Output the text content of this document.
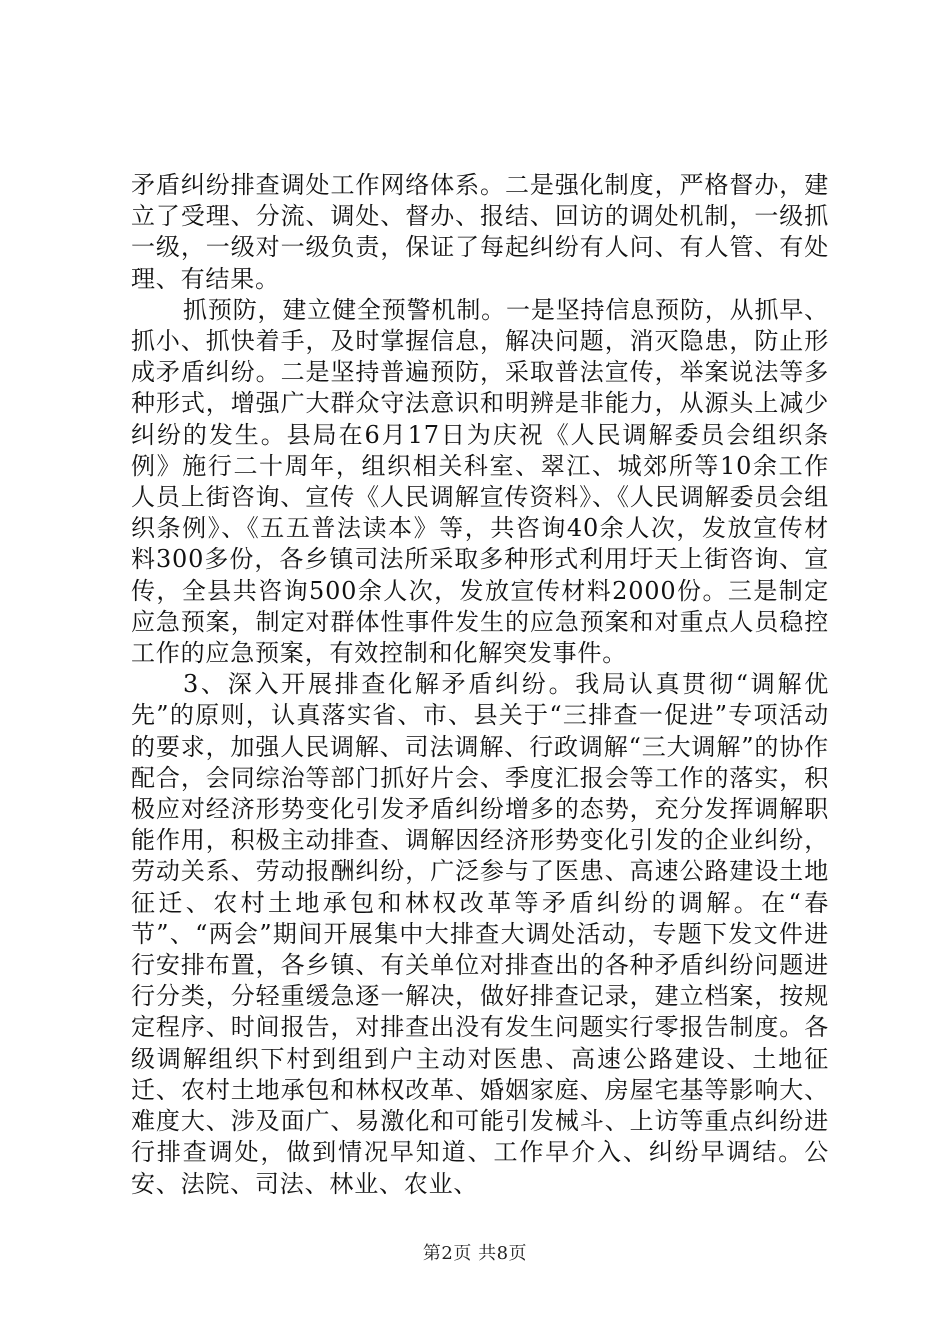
矛盾纠纷排查调处工作网络体系。二是强化制度，严格督办，建立了受理、分流、调处、督办、报结、回访的调处机制，一级抓一级，一级对一级负责，保证了每起纠纷有人问、有人管、有处理、有结果。

抓预防，建立健全预警机制。一是坚持信息预防，从抓早、抓小、抓快着手，及时掌握信息，解决问题，消灭隐患，防止形成矛盾纠纷。二是坚持普遍预防，采取普法宣传，举案说法等多种形式，增强广大群众守法意识和明辨是非能力，从源头上减少纠纷的发生。县局在6月17日为庆祝《人民调解委员会组织条例》施行二十周年，组织相关科室、翠江、城郊所等10余工作人员上街咨询、宣传《人民调解宣传资料》、《人民调解委员会组织条例》、《五五普法读本》等，共咨询40余人次，发放宣传材料300多份，各乡镇司法所采取多种形式利用圩天上街咨询、宣传，全县共咨询500余人次，发放宣传材料2000份。三是制定应急预案，制定对群体性事件发生的应急预案和对重点人员稳控工作的应急预案，有效控制和化解突发事件。

3、深入开展排查化解矛盾纠纷。我局认真贯彻“调解优先”的原则，认真落实省、市、县关于“三排查一促进”专项活动的要求，加强人民调解、司法调解、行政调解“三大调解”的协作配合，会同综治等部门抓好片会、季度汇报会等工作的落实，积极应对经济形势变化引发矛盾纠纷增多的态势，充分发挥调解职能作用，积极主动排查、调解因经济形势变化引发的企业纠纷，劳动关系、劳动报酬纠纷，广泛参与了医患、高速公路建设土地征迁、农村土地承包和林权改革等矛盾纠纷的调解。在“春节”、“两会”期间开展集中大排查大调处活动，专题下发文件进行安排布置，各乡镇、有关单位对排查出的各种矛盾纠纷问题进行分类，分轻重缓急逐一解决，做好排查记录，建立档案，按规定程序、时间报告，对排查出没有发生问题实行零报告制度。各级调解组织下村到组到户主动对医患、高速公路建设、土地征迁、农村土地承包和林权改革、婚姻家庭、房屋宅基等影响大、难度大、涉及面广、易激化和可能引发械斗、上访等重点纠纷进行排查调处，做到情况早知道、工作早介入、纠纷早调结。公安、法院、司法、林业、农业、

第2页 共8页
